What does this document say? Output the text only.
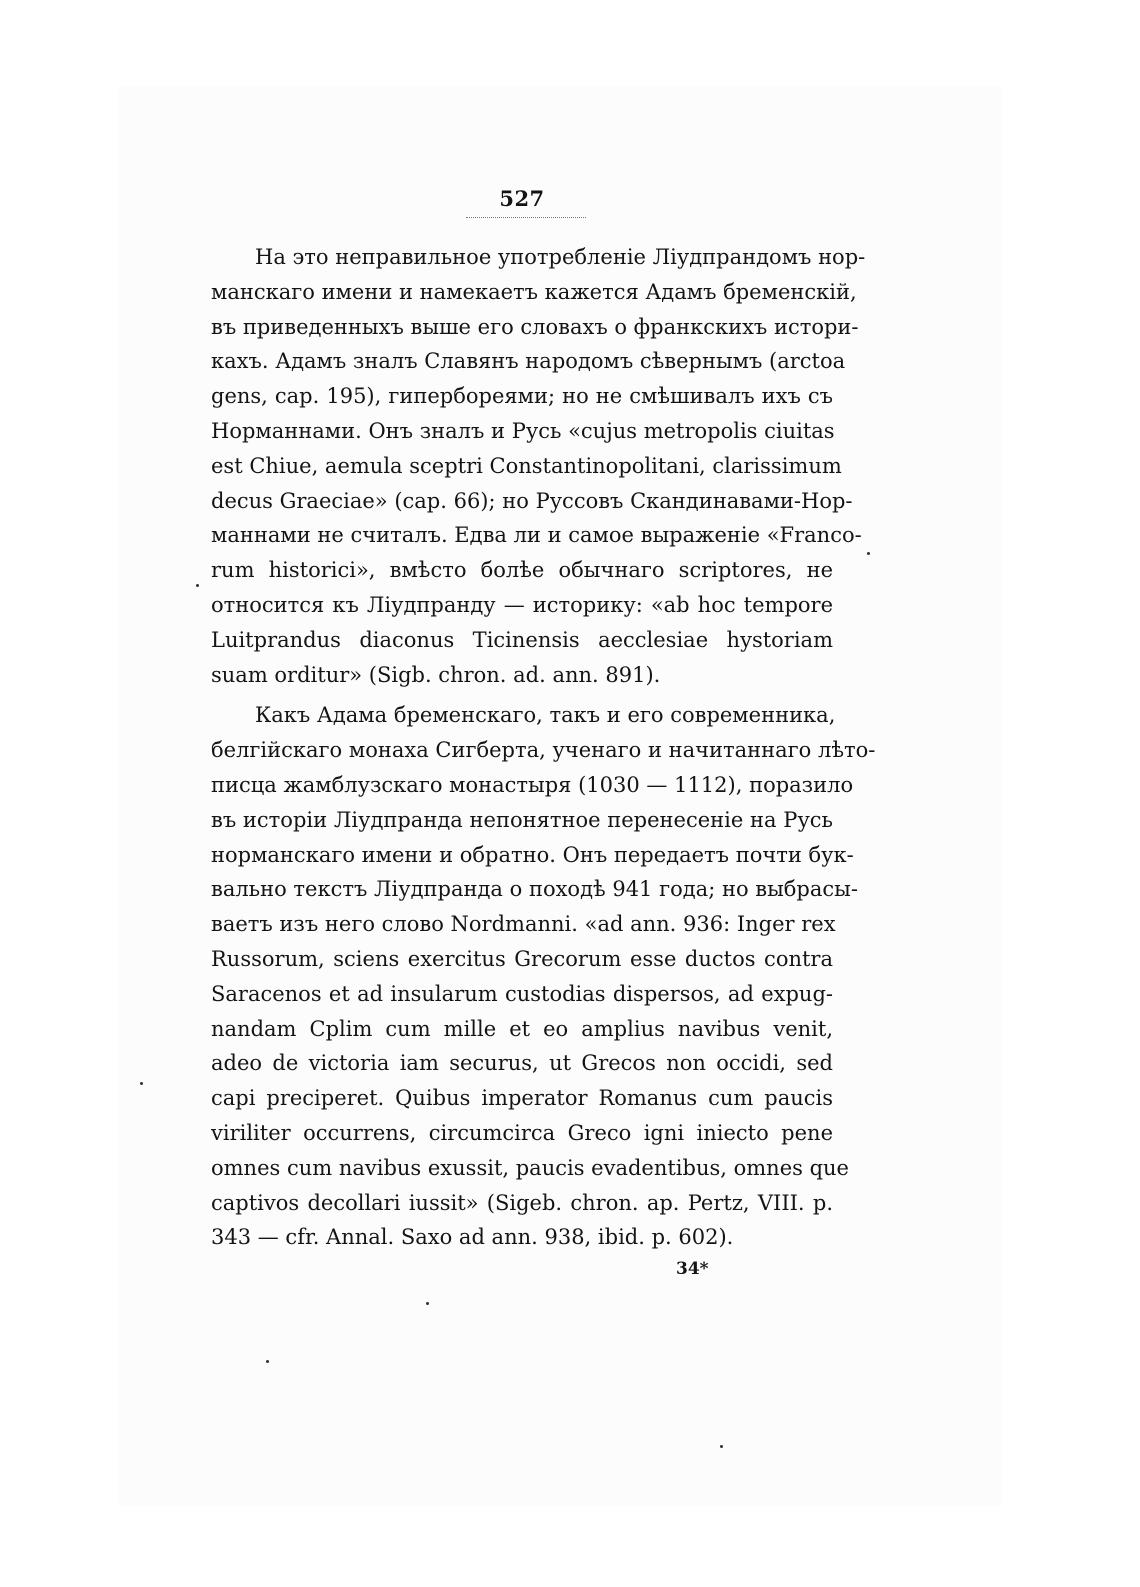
527
На это неправильное употребленіе Ліудпрандомъ нор-
манскаго имени и намекаетъ кажется Адамъ бременскій,
въ приведенныхъ выше его словахъ о франкскихъ истори-
кахъ. Адамъ зналъ Славянъ народомъ сѣвернымъ (arctoa
gens, cap. 195), гипербореями; но не смѣшивалъ ихъ съ
Норманнами. Онъ зналъ и Русь «cujus metropolis ciuitas
est Chiue, aemula sceptri Constantinopolitani, clarissimum
decus Graeciae» (cap. 66); но Руссовъ Скандинавами-Нор-
маннами не считалъ. Едва ли и самое выраженіе «Franco-
rum historici», вмѣсто болѣе обычнаго scriptores, не
относится къ Ліудпранду — историку: «ab hoc tempore
Luitprandus diaconus Ticinensis aecclesiae hystoriam
suam orditur» (Sigb. chron. ad. ann. 891).
Какъ Адама бременскаго, такъ и его современника,
белгійскаго монаха Сигберта, ученаго и начитаннаго лѣто-
писца жамблузскаго монастыря (1030 — 1112), поразило
въ исторіи Ліудпранда непонятное перенесеніе на Русь
норманскаго имени и обратно. Онъ передаетъ почти бук-
вально текстъ Ліудпранда о походѣ 941 года; но выбрасы-
ваетъ изъ него слово Nordmanni. «ad ann. 936: Inger rex
Russorum, sciens exercitus Grecorum esse ductos contra
Saracenos et ad insularum custodias dispersos, ad expug-
nandam Cplim cum mille et eo amplius navibus venit,
adeo de victoria iam securus, ut Grecos non occidi, sed
capi preciperet. Quibus imperator Romanus cum paucis
viriliter occurrens, circumcirca Greco igni iniecto pene
omnes cum navibus exussit, paucis evadentibus, omnes que
captivos decollari iussit» (Sigeb. chron. ap. Pertz, VIII. p.
343 — cfr. Annal. Saxo ad ann. 938, ibid. p. 602).
34*
